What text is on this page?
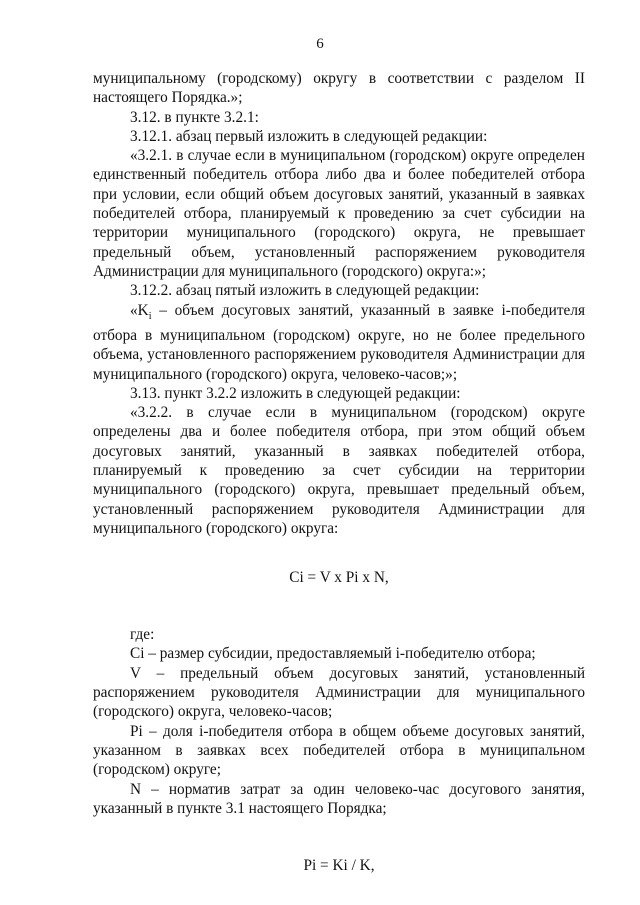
6

муниципальному (городскому) округу в соответствии с разделом II настоящего Порядка.»;

3.12. в пункте 3.2.1:

3.12.1. абзац первый изложить в следующей редакции:

«3.2.1. в случае если в муниципальном (городском) округе определен единственный победитель отбора либо два и более победителей отбора при условии, если общий объем досуговых занятий, указанный в заявках победителей отбора, планируемый к проведению за счет субсидии на территории муниципального (городского) округа, не превышает предельный объем, установленный распоряжением руководителя Администрации для муниципального (городского) округа:»;

3.12.2. абзац пятый изложить в следующей редакции:

«$K_i$ – объем досуговых занятий, указанный в заявке i-победителя отбора в муниципальном (городском) округе, но не более предельного объема, установленного распоряжением руководителя Администрации для муниципального (городского) округа, человеко-часов;»;

3.13. пункт 3.2.2 изложить в следующей редакции:

«3.2.2. в случае если в муниципальном (городском) округе определены два и более победителя отбора, при этом общий объем досуговых занятий, указанный в заявках победителей отбора, планируемый к проведению за счет субсидии на территории муниципального (городского) округа, превышает предельный объем, установленный распоряжением руководителя Администрации для муниципального (городского) округа:

Ci = V x Pi x N,

где:

Ci – размер субсидии, предоставляемый i-победителю отбора;

V – предельный объем досуговых занятий, установленный распоряжением руководителя Администрации для муниципального (городского) округа, человеко-часов;

Pi – доля i-победителя отбора в общем объеме досуговых занятий, указанном в заявках всех победителей отбора в муниципальном (городском) округе;

N – норматив затрат за один человеко-час досугового занятия, указанный в пункте 3.1 настоящего Порядка;

Pi = Ki / K,
